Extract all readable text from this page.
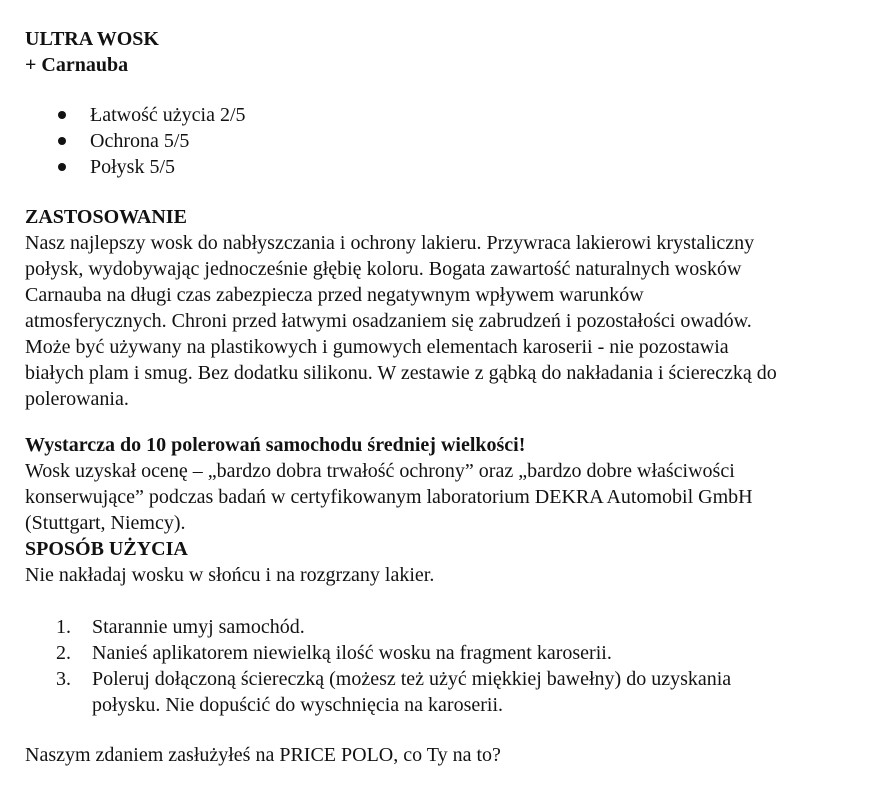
ULTRA WOSK
+ Carnauba
Łatwość użycia 2/5
Ochrona 5/5
Połysk 5/5
ZASTOSOWANIE
Nasz najlepszy wosk do nabłyszczania i ochrony lakieru. Przywraca lakierowi krystaliczny
połysk, wydobywając jednocześnie głębię koloru. Bogata zawartość naturalnych wosków
Carnauba na długi czas zabezpiecza przed negatywnym wpływem warunków
atmosferycznych. Chroni przed łatwymi osadzaniem się zabrudzeń i pozostałości owadów.
Może być używany na plastikowych i gumowych elementach karoserii - nie pozostawia
białych plam i smug. Bez dodatku silikonu. W zestawie z gąbką do nakładania i ściereczką do
polerowania.
Wystarcza do 10 polerowań samochodu średniej wielkości!
Wosk uzyskał ocenę – „bardzo dobra trwałość ochrony” oraz „bardzo dobre właściwości
konserwujące” podczas badań w certyfikowanym laboratorium DEKRA Automobil GmbH
(Stuttgart, Niemcy).
SPOSÓB UŻYCIA
Nie nakładaj wosku w słońcu i na rozgrzany lakier.
1.	Starannie umyj samochód.
2.	Nanieś aplikatorem niewielką ilość wosku na fragment karoserii.
3.	Poleruj dołączoną ściereczką (możesz też użyć miękkiej bawełny) do uzyskania
połysku. Nie dopuścić do wyschnięcia na karoserii.
Naszym zdaniem zasłużyłeś na PRICE POLO, co Ty na to?
